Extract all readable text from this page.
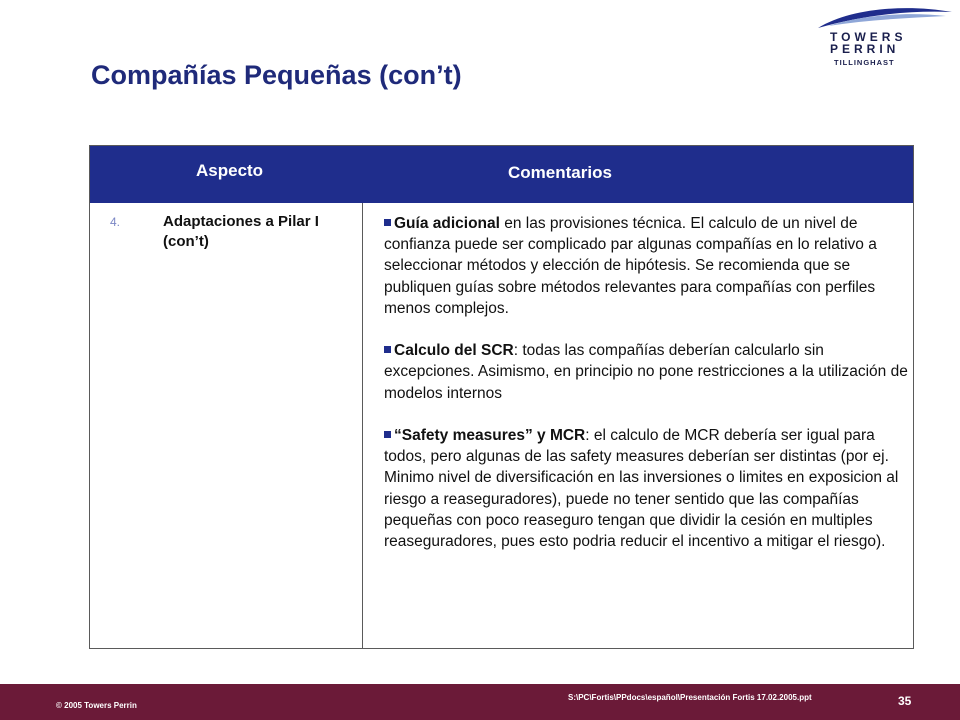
TOWERS
PERRIN
TILLINGHAST
Compañías Pequeñas (con’t)
Aspecto	Comentarios
4.	Adaptaciones a Pilar I (con’t)

Guía adicional en las provisiones técnica. El calculo de un nivel de confianza puede ser complicado par algunas compañías en lo relativo a seleccionar métodos y elección de hipótesis. Se recomienda que se publiquen guías sobre métodos relevantes para compañías con perfiles menos complejos.

Calculo del SCR: todas las compañías deberían calcularlo sin excepciones. Asimismo, en principio no pone restricciones a la utilización de modelos internos

“Safety measures” y MCR: el calculo de MCR debería ser igual para todos, pero algunas de las safety measures deberían ser distintas (por ej. Minimo nivel de diversificación en las inversiones o limites en exposicion al riesgo a reaseguradores), puede no tener sentido que las compañías pequeñas con poco reaseguro tengan que dividir la cesión en multiples reaseguradores, pues esto podria reducir el incentivo a mitigar el riesgo).

© 2005 Towers Perrin
S:\PC\Fortis\PPdocs\español\Presentación Fortis 17.02.2005.ppt	35
